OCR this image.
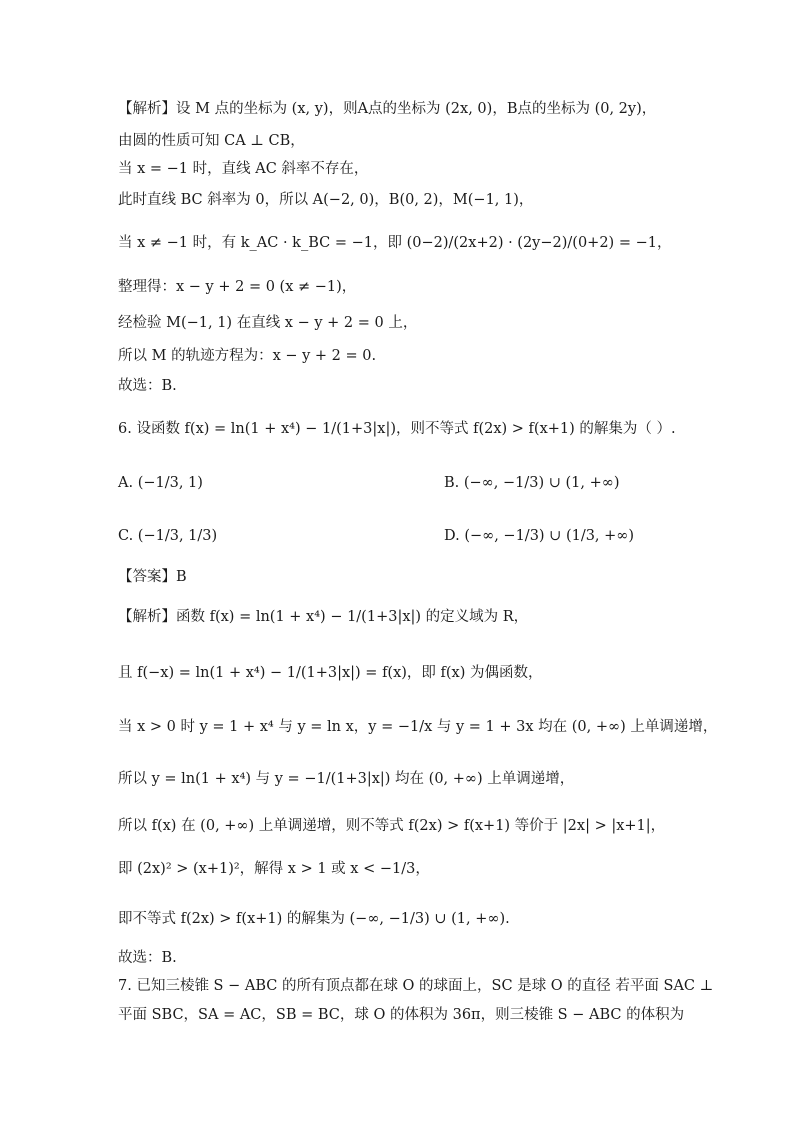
【解析】设 M 点的坐标为 (x, y)，则A点的坐标为 (2x, 0)，B点的坐标为 (0, 2y)，
由圆的性质可知 CA ⊥ CB，
当 x = −1 时，直线 AC 斜率不存在，
此时直线 BC 斜率为 0，所以 A(−2, 0)，B(0, 2)，M(−1, 1)，
当 x ≠ −1 时，有 k_AC · k_BC = −1，即 (0−2)/(2x+2) · (2y−2)/(0+2) = −1，
整理得：x − y + 2 = 0 (x ≠ −1)，
经检验 M(−1, 1) 在直线 x − y + 2 = 0 上，
所以 M 的轨迹方程为：x − y + 2 = 0.
故选：B.
6. 设函数 f(x) = ln(1 + x⁴) − 1/(1+3|x|)，则不等式 f(2x) > f(x+1) 的解集为（ ）.
A. (−1/3, 1)	B. (−∞, −1/3) ∪ (1, +∞)
C. (−1/3, 1/3)	D. (−∞, −1/3) ∪ (1/3, +∞)
【答案】B
【解析】函数 f(x) = ln(1 + x⁴) − 1/(1+3|x|) 的定义域为 R，
且 f(−x) = ln(1 + x⁴) − 1/(1+3|x|) = f(x)，即 f(x) 为偶函数，
当 x > 0 时 y = 1 + x⁴ 与 y = ln x，y = −1/x 与 y = 1 + 3x 均在 (0, +∞) 上单调递增，
所以 y = ln(1 + x⁴) 与 y = −1/(1+3|x|) 均在 (0, +∞) 上单调递增，
所以 f(x) 在 (0, +∞) 上单调递增，则不等式 f(2x) > f(x+1) 等价于 |2x| > |x+1|，
即 (2x)² > (x+1)²，解得 x > 1 或 x < −1/3，
即不等式 f(2x) > f(x+1) 的解集为 (−∞, −1/3) ∪ (1, +∞).
故选：B.
7. 已知三棱锥 S − ABC 的所有顶点都在球 O 的球面上，SC 是球 O 的直径 若平面 SAC ⊥
平面 SBC，SA = AC，SB = BC，球 O 的体积为 36π，则三棱锥 S − ABC 的体积为
